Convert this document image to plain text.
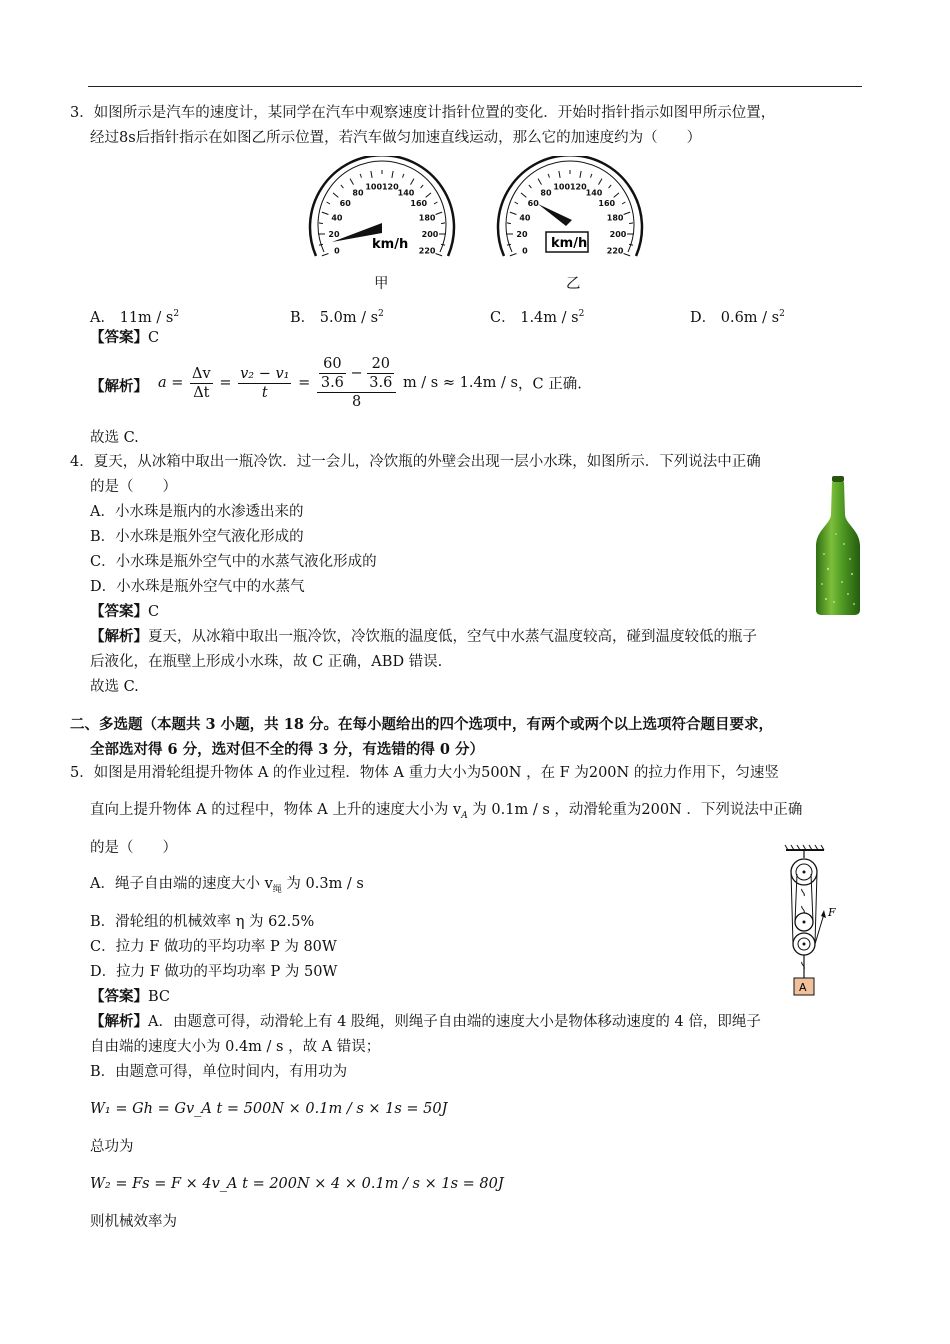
3．如图所示是汽车的速度计，某同学在汽车中观察速度计指针位置的变化．开始时指针指示如图甲所示位置，
经过8s后指针指示在如图乙所示位置，若汽车做匀加速直线运动，那么它的加速度约为（　　）
0
20
40
60
80
100 120
140
160
180
200
220
km/h	0
20
40
60
80
100 120
140
160
180
200
220
km/h
甲	乙
A． $11m / s^2$	B． $5.0m / s^2$	C． $1.4m / s^2$	D． $0.6m / s^2$
【答案】C
【解析】 $a = \frac{\Delta v}{\Delta t} = \frac{\text{v₂ − v₁}}{t} = \frac{\frac{60}{3.6} - \frac{20}{3.6}}{8}$ m / s ≈ 1.4m / s，C 正确.
故选 C.
4．夏天，从冰箱中取出一瓶冷饮．过一会儿，冷饮瓶的外壁会出现一层小水珠，如图所示．下列说法中正确
的是（　　）
A．小水珠是瓶内的水渗透出来的
B．小水珠是瓶外空气液化形成的
C．小水珠是瓶外空气中的水蒸气液化形成的
D．小水珠是瓶外空气中的水蒸气
【答案】C
【解析】夏天，从冰箱中取出一瓶冷饮，冷饮瓶的温度低，空气中水蒸气温度较高，碰到温度较低的瓶子
后液化，在瓶壁上形成小水珠，故 C 正确，ABD 错误.
故选 C.
二、多选题（本题共 3 小题，共 18 分。在每小题给出的四个选项中，有两个或两个以上选项符合题目要求，
全部选对得 6 分，选对但不全的得 3 分，有选错的得 0 分）
5．如图是用滑轮组提升物体 A 的作业过程．物体 A 重力大小为500N ，在 F 为200N 的拉力作用下，匀速竖
直向上提升物体 A 的过程中，物体 A 上升的速度大小为 $v_A$ 为 0.1m / s ，动滑轮重为200N ．下列说法中正确
的是（　　）
A．绳子自由端的速度大小 $v_绳$ 为 0.3m / s
B．滑轮组的机械效率 η 为 62.5%
C．拉力 F 做功的平均功率 P 为 80W
D．拉力 F 做功的平均功率 P 为 50W
F
A
【答案】BC
【解析】A．由题意可得，动滑轮上有 4 股绳，则绳子自由端的速度大小是物体移动速度的 4 倍，即绳子
自由端的速度大小为 0.4m / s ，故 A 错误；
B．由题意可得，单位时间内，有用功为
W₁ = Gh = Gv_A t = 500N × 0.1m / s × 1s = 50J
总功为
W₂ = Fs = F × 4v_A t = 200N × 4 × 0.1m / s × 1s = 80J
则机械效率为
